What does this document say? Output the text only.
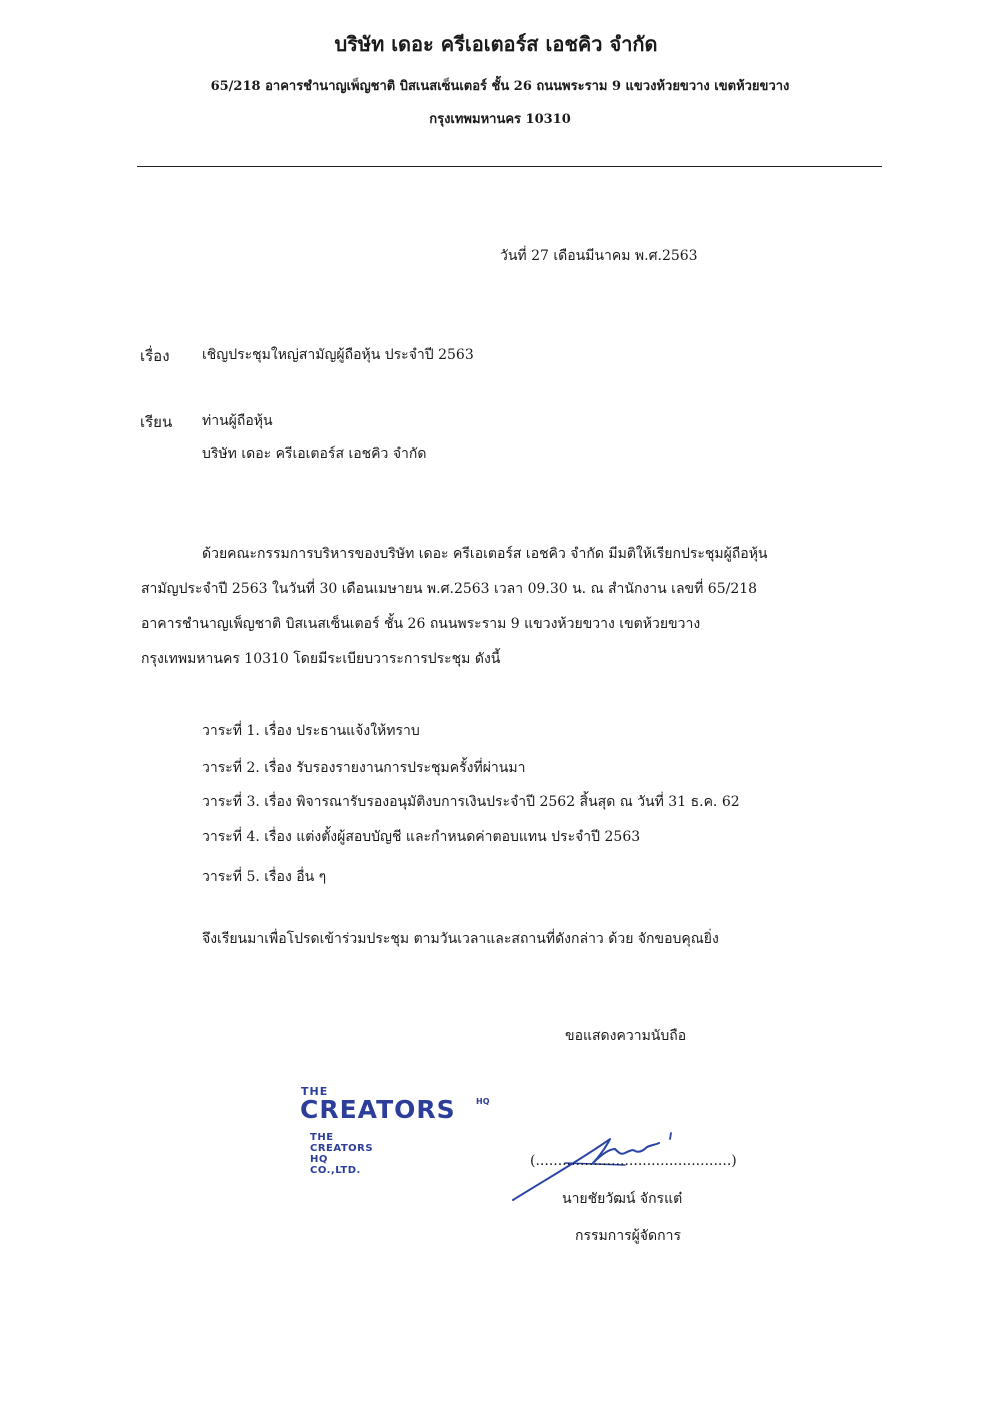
บริษัท เดอะ ครีเอเตอร์ส เอชคิว จำกัด
65/218 อาคารชำนาญเพ็ญชาติ บิสเนสเซ็นเตอร์ ชั้น 26 ถนนพระราม 9 แขวงห้วยขวาง เขตห้วยขวาง
กรุงเทพมหานคร 10310
วันที่ 27 เดือนมีนาคม พ.ศ.2563
เรื่อง เชิญประชุมใหญ่สามัญผู้ถือหุ้น ประจำปี 2563
เรียน ท่านผู้ถือหุ้น
บริษัท เดอะ ครีเอเตอร์ส เอชคิว จำกัด
ด้วยคณะกรรมการบริหารของบริษัท เดอะ ครีเอเตอร์ส เอชคิว จำกัด มีมติให้เรียกประชุมผู้ถือหุ้น
สามัญประจำปี 2563 ในวันที่ 30 เดือนเมษายน พ.ศ.2563 เวลา 09.30 น. ณ สำนักงาน เลขที่ 65/218
อาคารชำนาญเพ็ญชาติ บิสเนสเซ็นเตอร์ ชั้น 26 ถนนพระราม 9 แขวงห้วยขวาง เขตห้วยขวาง
กรุงเทพมหานคร 10310 โดยมีระเบียบวาระการประชุม ดังนี้
วาระที่ 1. เรื่อง ประธานแจ้งให้ทราบ
วาระที่ 2. เรื่อง รับรองรายงานการประชุมครั้งที่ผ่านมา
วาระที่ 3. เรื่อง พิจารณารับรองอนุมัติงบการเงินประจำปี 2562 สิ้นสุด ณ วันที่ 31 ธ.ค. 62
วาระที่ 4. เรื่อง แต่งตั้งผู้สอบบัญชี และกำหนดค่าตอบแทน ประจำปี 2563
วาระที่ 5. เรื่อง อื่น ๆ
จึงเรียนมาเพื่อโปรดเข้าร่วมประชุม ตามวันเวลาและสถานที่ดังกล่าว ด้วย จักขอบคุณยิ่ง
ขอแสดงความนับถือ
THE
CREATORS	HQ
THE CREATORS HQ CO.,LTD.
(............................................)
นายชัยวัฒน์ จักรแต๋
กรรมการผู้จัดการ
